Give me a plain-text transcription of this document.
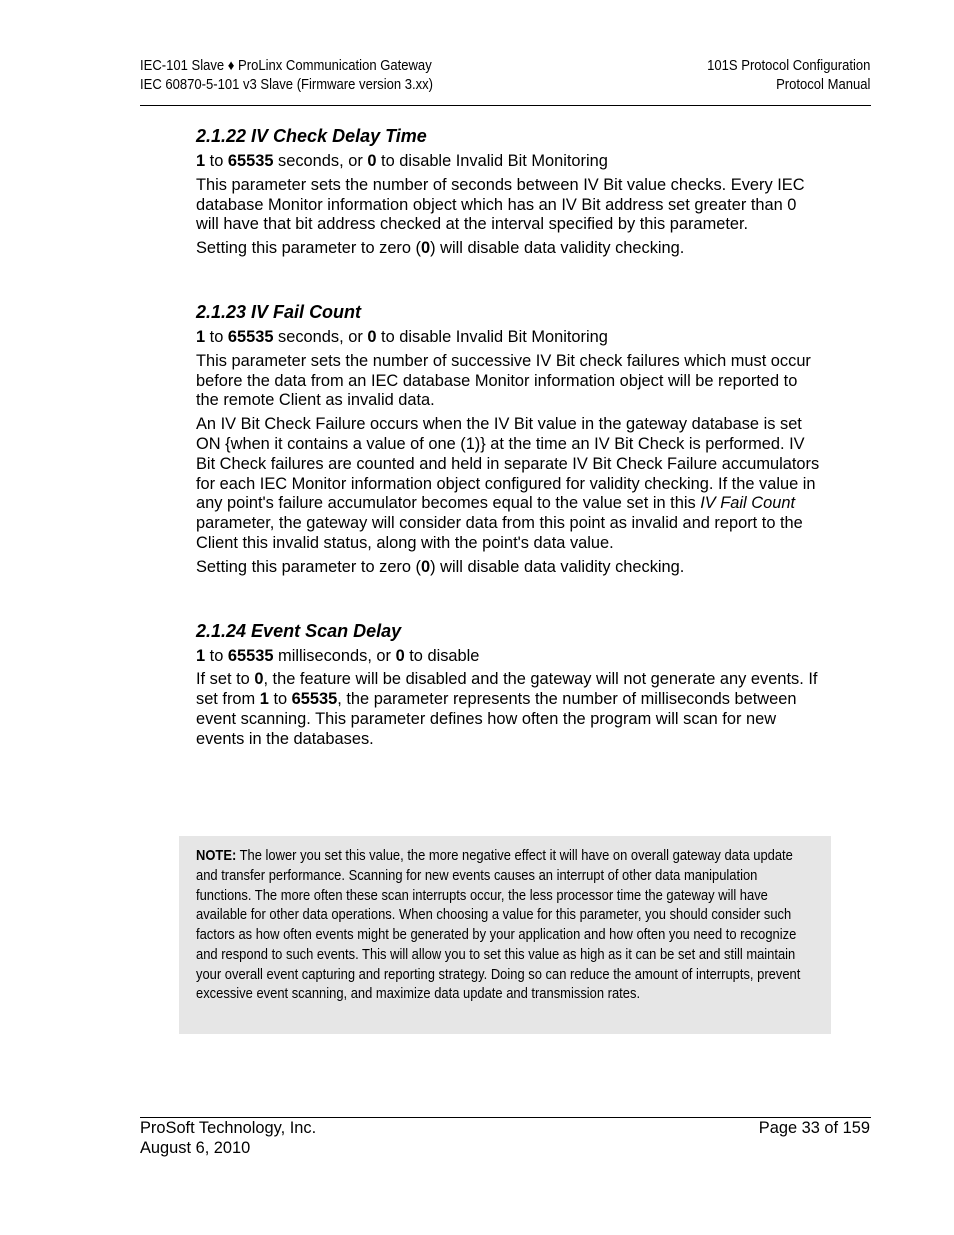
IEC-101 Slave ♦ ProLinx Communication Gateway
IEC 60870-5-101 v3 Slave (Firmware version 3.xx)
101S Protocol Configuration
Protocol Manual
2.1.22 IV Check Delay Time
1 to 65535 seconds, or 0 to disable Invalid Bit Monitoring
This parameter sets the number of seconds between IV Bit value checks. Every IEC database Monitor information object which has an IV Bit address set greater than 0 will have that bit address checked at the interval specified by this parameter.
Setting this parameter to zero (0) will disable data validity checking.
2.1.23 IV Fail Count
1 to 65535 seconds, or 0 to disable Invalid Bit Monitoring
This parameter sets the number of successive IV Bit check failures which must occur before the data from an IEC database Monitor information object will be reported to the remote Client as invalid data.
An IV Bit Check Failure occurs when the IV Bit value in the gateway database is set ON {when it contains a value of one (1)} at the time an IV Bit Check is performed. IV Bit Check failures are counted and held in separate IV Bit Check Failure accumulators for each IEC Monitor information object configured for validity checking. If the value in any point's failure accumulator becomes equal to the value set in this IV Fail Count parameter, the gateway will consider data from this point as invalid and report to the Client this invalid status, along with the point's data value.
Setting this parameter to zero (0) will disable data validity checking.
2.1.24 Event Scan Delay
1 to 65535 milliseconds, or 0 to disable
If set to 0, the feature will be disabled and the gateway will not generate any events. If set from 1 to 65535, the parameter represents the number of milliseconds between event scanning. This parameter defines how often the program will scan for new events in the databases.
NOTE: The lower you set this value, the more negative effect it will have on overall gateway data update and transfer performance. Scanning for new events causes an interrupt of other data manipulation functions. The more often these scan interrupts occur, the less processor time the gateway will have available for other data operations. When choosing a value for this parameter, you should consider such factors as how often events might be generated by your application and how often you need to recognize and respond to such events. This will allow you to set this value as high as it can be set and still maintain your overall event capturing and reporting strategy. Doing so can reduce the amount of interrupts, prevent excessive event scanning, and maximize data update and transmission rates.
ProSoft Technology, Inc.
August 6, 2010
Page 33 of 159
